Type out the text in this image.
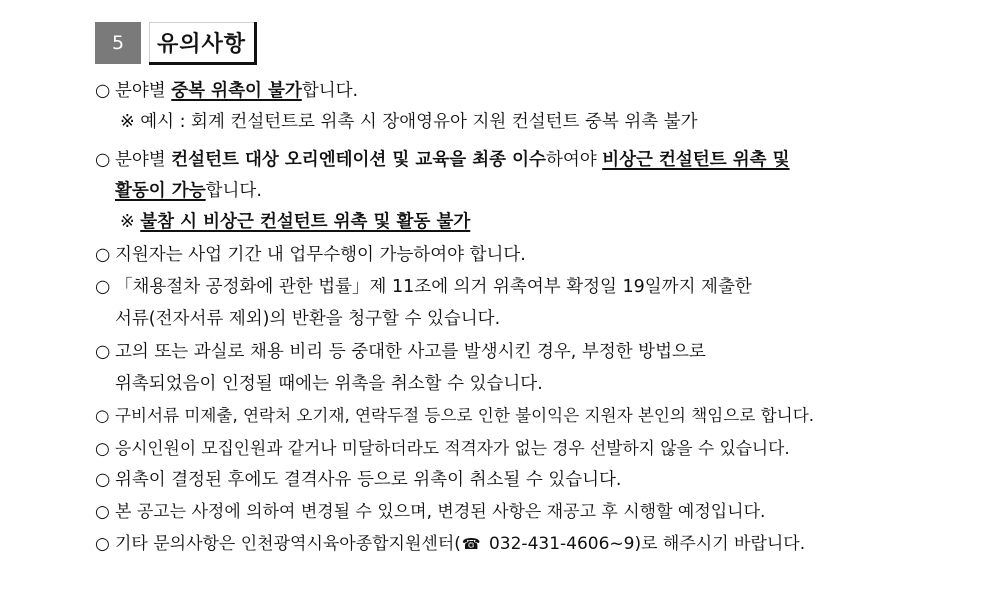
5	유의사항
○ 분야별 중복 위촉이 불가합니다.
※ 예시 : 회계 컨설턴트로 위촉 시 장애영유아 지원 컨설턴트 중복 위촉 불가
○ 분야별 컨설턴트 대상 오리엔테이션 및 교육을 최종 이수하여야 비상근 컨설턴트 위촉 및
활동이 가능합니다.
※ 불참 시 비상근 컨설턴트 위촉 및 활동 불가
○ 지원자는 사업 기간 내 업무수행이 가능하여야 합니다.
○ 「채용절차 공정화에 관한 법률」제 11조에 의거 위촉여부 확정일 19일까지 제출한
서류(전자서류 제외)의 반환을 청구할 수 있습니다.
○ 고의 또는 과실로 채용 비리 등 중대한 사고를 발생시킨 경우, 부정한 방법으로
위촉되었음이 인정될 때에는 위촉을 취소할 수 있습니다.
○ 구비서류 미제출, 연락처 오기재, 연락두절 등으로 인한 불이익은 지원자 본인의 책임으로 합니다.
○ 응시인원이 모집인원과 같거나 미달하더라도 적격자가 없는 경우 선발하지 않을 수 있습니다.
○ 위촉이 결정된 후에도 결격사유 등으로 위촉이 취소될 수 있습니다.
○ 본 공고는 사정에 의하여 변경될 수 있으며, 변경된 사항은 재공고 후 시행할 예정입니다.
○ 기타 문의사항은 인천광역시육아종합지원센터(☎ 032-431-4606~9)로 해주시기 바랍니다.
